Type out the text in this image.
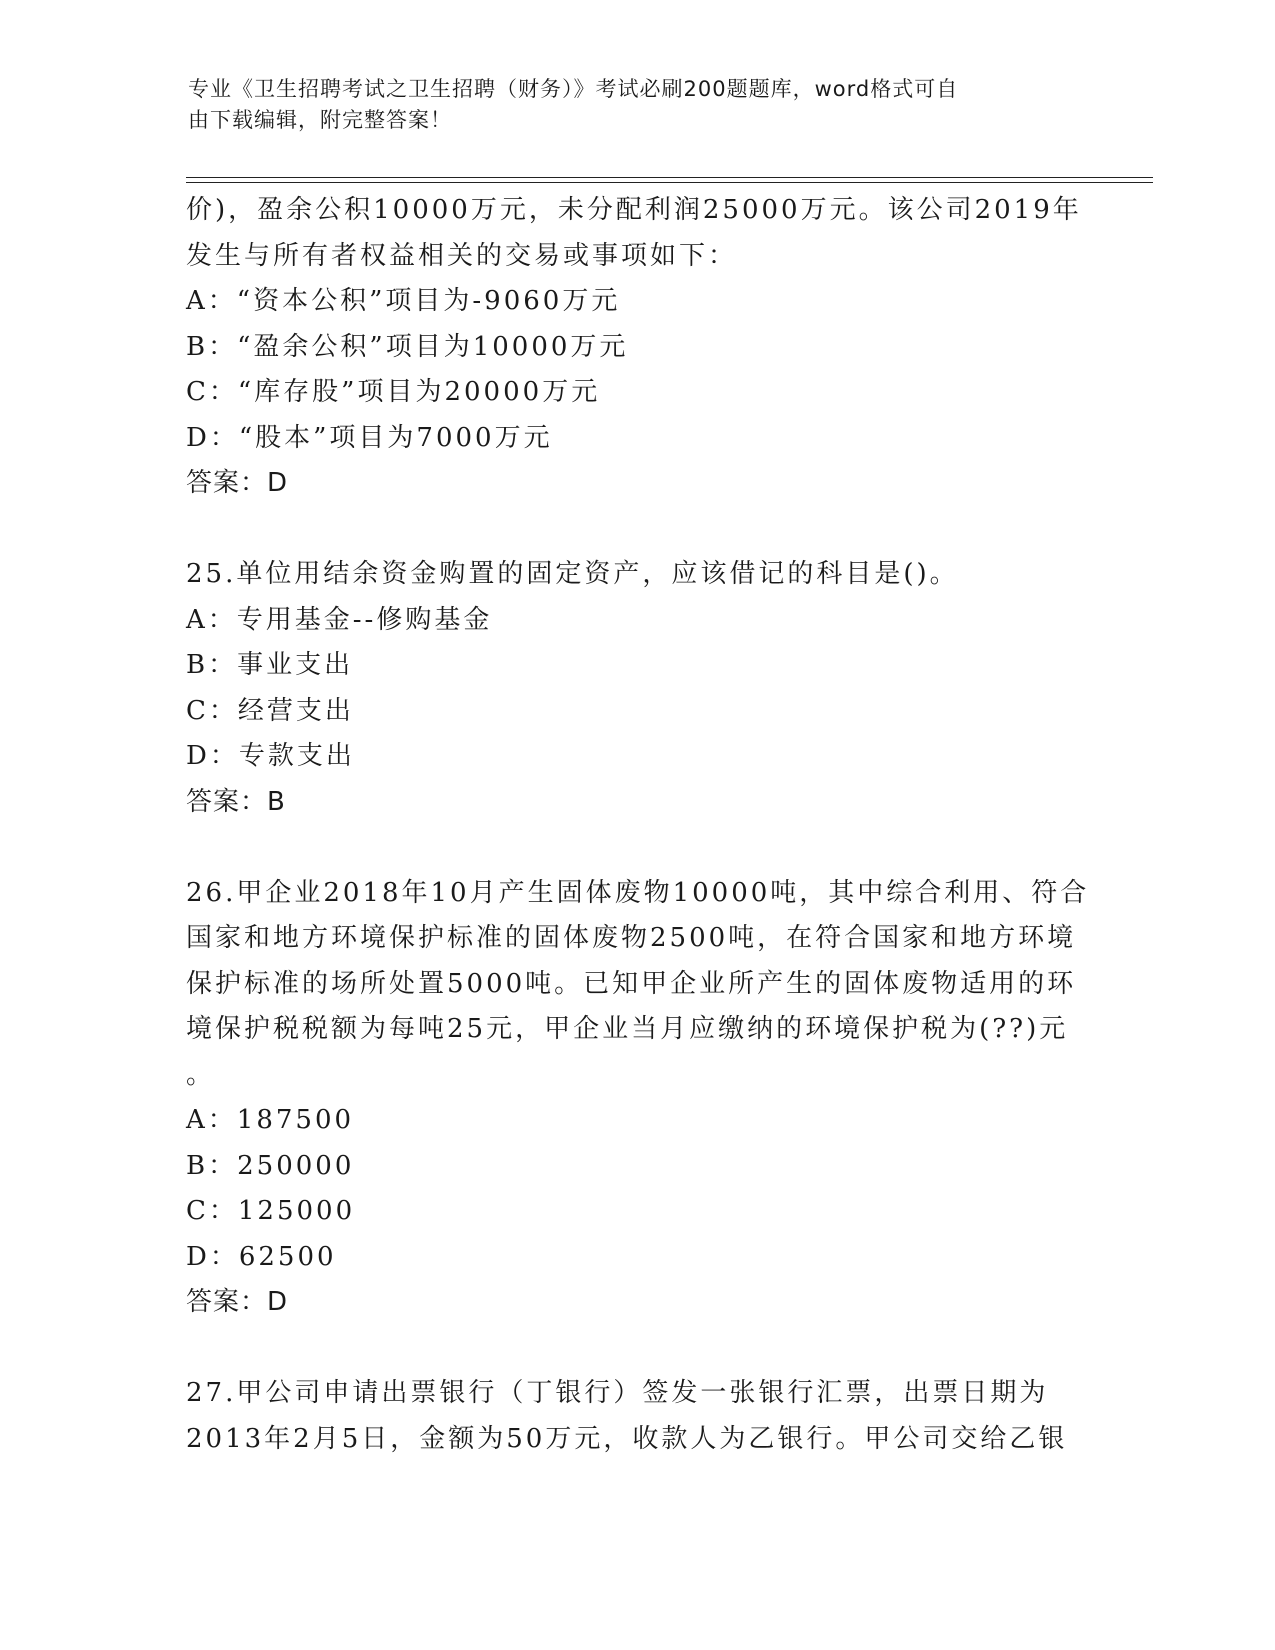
专业《卫生招聘考试之卫生招聘（财务）》考试必刷200题题库，word格式可自
由下载编辑，附完整答案！
价)，盈余公积10000万元，未分配利润25000万元。该公司2019年
发生与所有者权益相关的交易或事项如下：
A：“资本公积”项目为-9060万元
B：“盈余公积”项目为10000万元
C：“库存股”项目为20000万元
D：“股本”项目为7000万元
答案：D
25.单位用结余资金购置的固定资产，应该借记的科目是()。
A：专用基金--修购基金
B：事业支出
C：经营支出
D：专款支出
答案：B
26.甲企业2018年10月产生固体废物10000吨，其中综合利用、符合
国家和地方环境保护标准的固体废物2500吨，在符合国家和地方环境
保护标准的场所处置5000吨。已知甲企业所产生的固体废物适用的环
境保护税税额为每吨25元，甲企业当月应缴纳的环境保护税为(??)元
。
A：187500
B：250000
C：125000
D：62500
答案：D
27.甲公司申请出票银行（丁银行）签发一张银行汇票，出票日期为
2013年2月5日，金额为50万元，收款人为乙银行。甲公司交给乙银
